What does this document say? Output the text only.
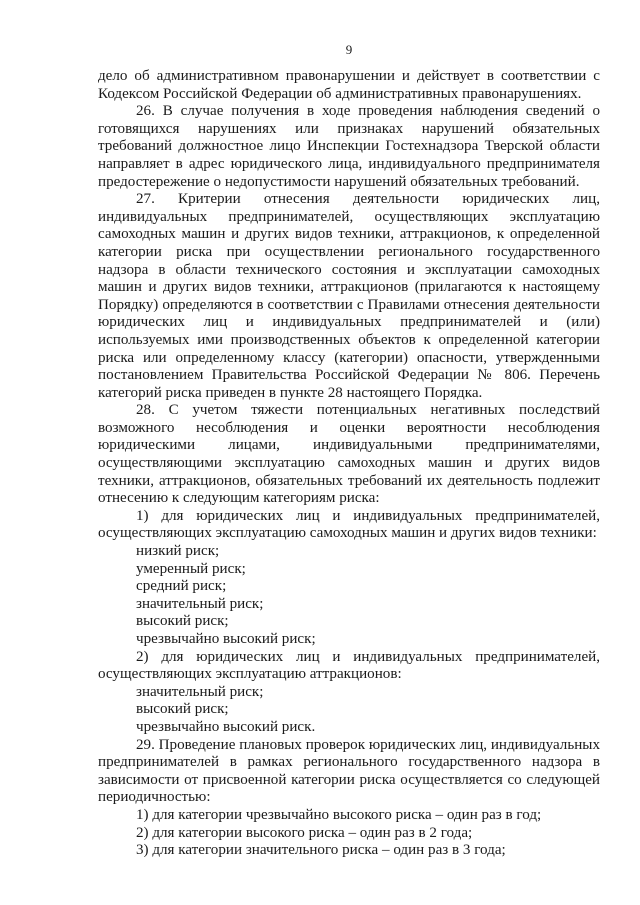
9

дело об административном правонарушении и действует в соответствии с Кодексом Российской Федерации об административных правонарушениях.

26. В случае получения в ходе проведения наблюдения сведений о готовящихся нарушениях или признаках нарушений обязательных требований должностное лицо Инспекции Гостехнадзора Тверской области направляет в адрес юридического лица, индивидуального предпринимателя предостережение о недопустимости нарушений обязательных требований.

27. Критерии отнесения деятельности юридических лиц, индивидуальных предпринимателей, осуществляющих эксплуатацию самоходных машин и других видов техники, аттракционов, к определенной категории риска при осуществлении регионального государственного надзора в области технического состояния и эксплуатации самоходных машин и других видов техники, аттракционов (прилагаются к настоящему Порядку) определяются в соответствии с Правилами отнесения деятельности юридических лиц и индивидуальных предпринимателей и (или) используемых ими производственных объектов к определенной категории риска или определенному классу (категории) опасности, утвержденными постановлением Правительства Российской Федерации № 806. Перечень категорий риска приведен в пункте 28 настоящего Порядка.

28. С учетом тяжести потенциальных негативных последствий возможного несоблюдения и оценки вероятности несоблюдения юридическими лицами, индивидуальными предпринимателями, осуществляющими эксплуатацию самоходных машин и других видов техники, аттракционов, обязательных требований их деятельность подлежит отнесению к следующим категориям риска:

1) для юридических лиц и индивидуальных предпринимателей, осуществляющих эксплуатацию самоходных машин и других видов техники:

низкий риск;

умеренный риск;

средний риск;

значительный риск;

высокий риск;

чрезвычайно высокий риск;

2) для юридических лиц и индивидуальных предпринимателей, осуществляющих эксплуатацию аттракционов:

значительный риск;

высокий риск;

чрезвычайно высокий риск.

29. Проведение плановых проверок юридических лиц, индивидуальных предпринимателей в рамках регионального государственного надзора в зависимости от присвоенной категории риска осуществляется со следующей периодичностью:

1) для категории чрезвычайно высокого риска – один раз в год;

2) для категории высокого риска – один раз в 2 года;

3) для категории значительного риска – один раз в 3 года;
